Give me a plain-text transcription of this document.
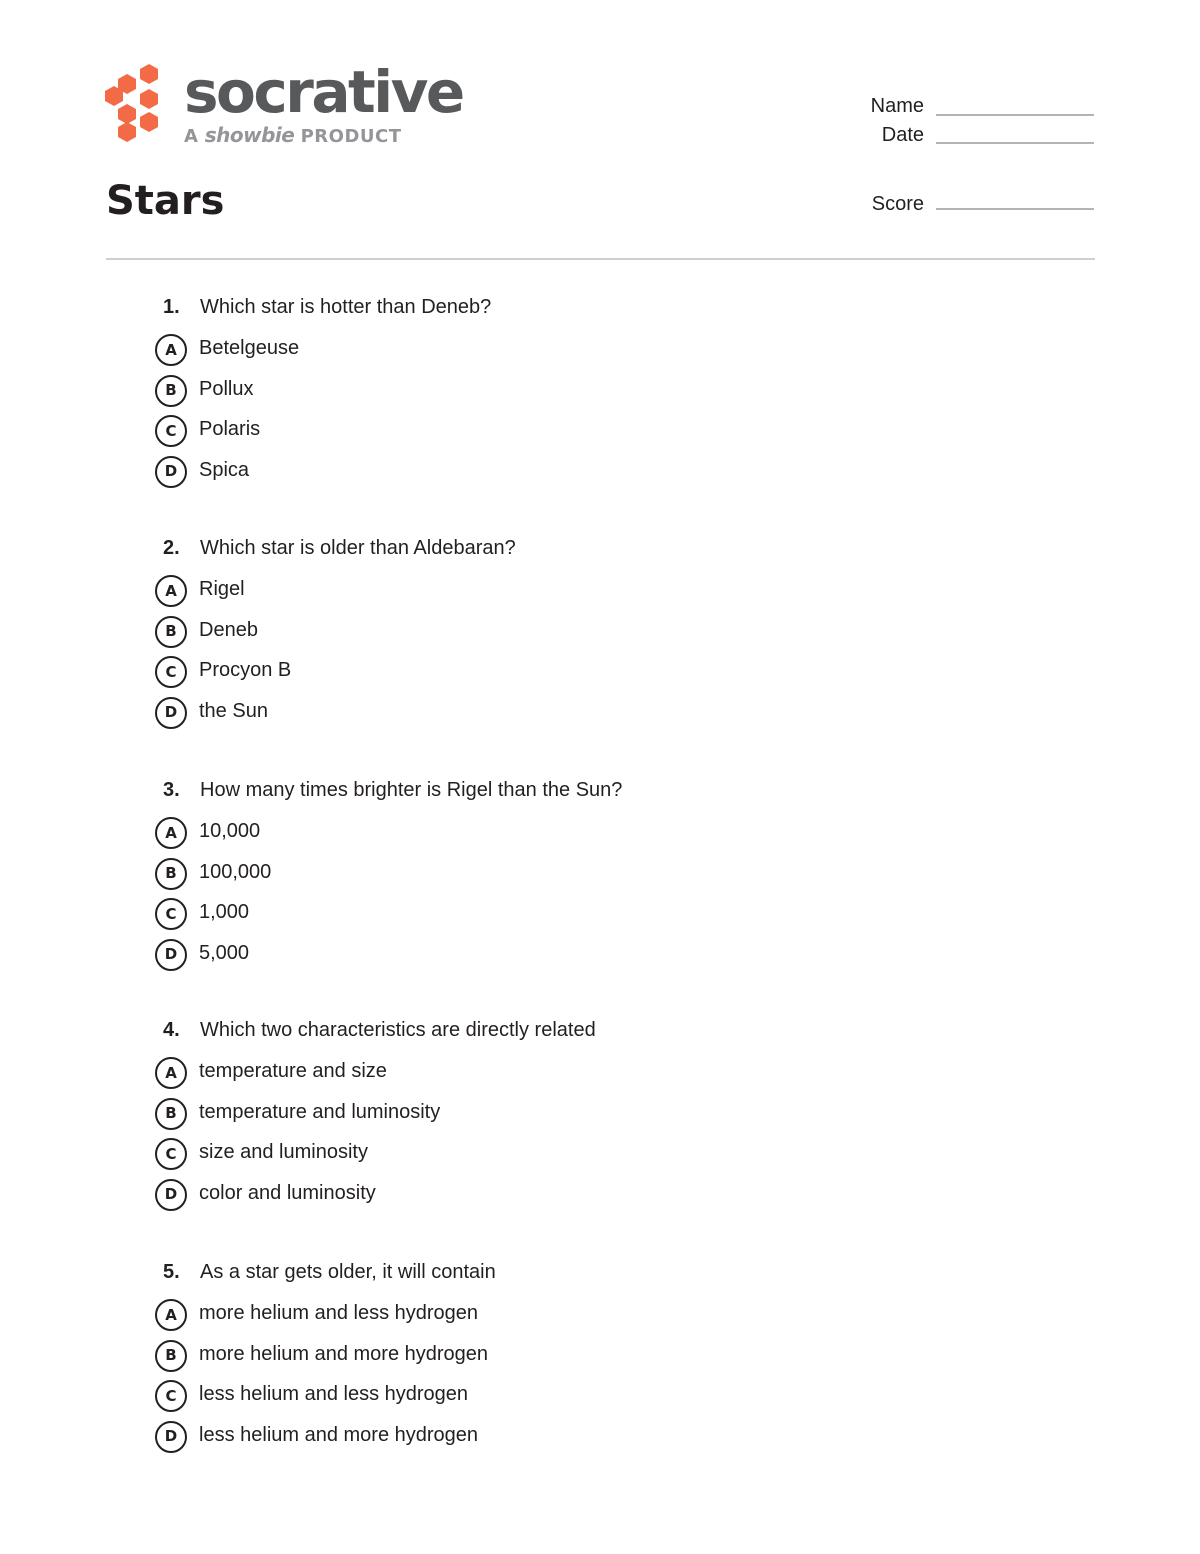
socrative
A showbie PRODUCT
Name
Date
Score
Stars
1. Which star is hotter than Deneb?
A	Betelgeuse
B	Pollux
C	Polaris
D	Spica
2. Which star is older than Aldebaran?
A	Rigel
B	Deneb
C	Procyon B
D	the Sun
3. How many times brighter is Rigel than the Sun?
A	10,000
B	100,000
C	1,000
D	5,000
4. Which two characteristics are directly related
A	temperature and size
B	temperature and luminosity
C	size and luminosity
D	color and luminosity
5. As a star gets older, it will contain
A	more helium and less hydrogen
B	more helium and more hydrogen
C	less helium and less hydrogen
D	less helium and more hydrogen
